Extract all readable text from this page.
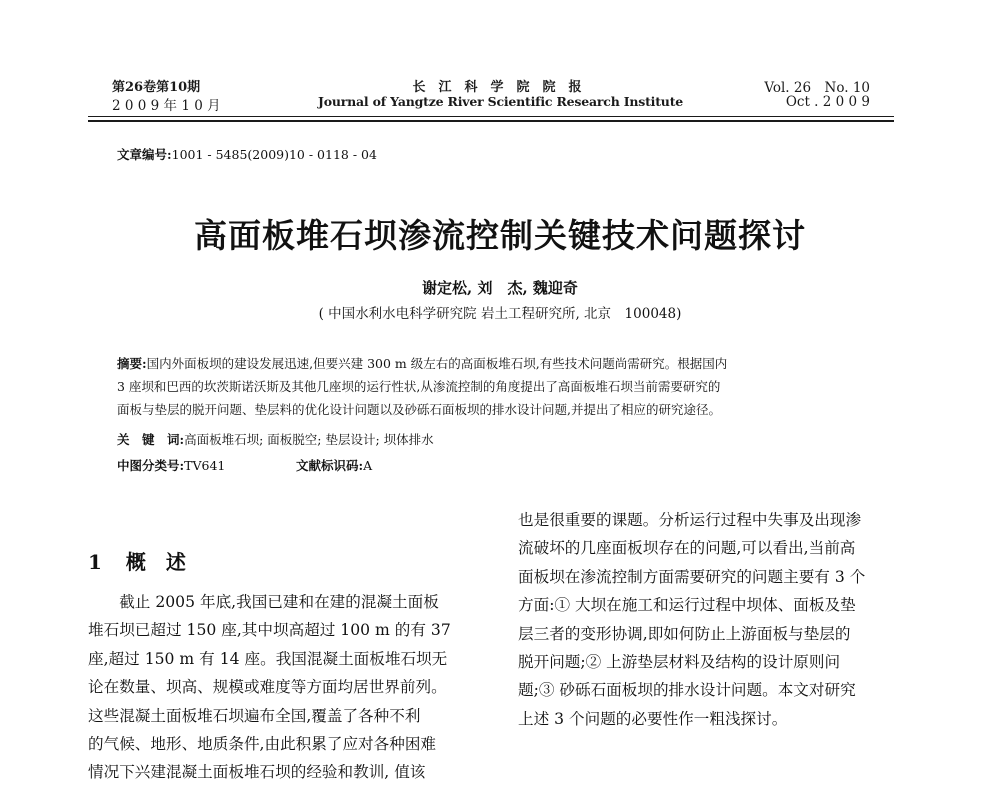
第26卷第10期
2 0 0 9 年 1 0 月
长　江　科　学　院　院　报
Journal of Yangtze River Scientific Research Institute
Vol. 26　No. 10
Oct . 2 0 0 9
文章编号:1001 - 5485(2009)10 - 0118 - 04
高面板堆石坝渗流控制关键技术问题探讨
谢定松, 刘　杰, 魏迎奇
( 中国水利水电科学研究院 岩土工程研究所, 北京　100048)
摘要:国内外面板坝的建设发展迅速,但要兴建 300 m 级左右的高面板堆石坝,有些技术问题尚需研究。根据国内
3 座坝和巴西的坎茨斯诺沃斯及其他几座坝的运行性状,从渗流控制的角度提出了高面板堆石坝当前需要研究的
面板与垫层的脱开问题、垫层料的优化设计问题以及砂砾石面板坝的排水设计问题,并提出了相应的研究途径。
关　键　词:高面板堆石坝; 面板脱空; 垫层设计; 坝体排水
中图分类号:TV641	文献标识码:A
1 概　述

截止 2005 年底,我国已建和在建的混凝土面板

堆石坝已超过 150 座,其中坝高超过 100 m 的有 37

座,超过 150 m 有 14 座。我国混凝土面板堆石坝无

论在数量、坝高、规模或难度等方面均居世界前列。

这些混凝土面板堆石坝遍布全国,覆盖了各种不利

的气候、地形、地质条件,由此积累了应对各种困难

情况下兴建混凝土面板堆石坝的经验和教训, 值该

也是很重要的课题。分析运行过程中失事及出现渗

流破坏的几座面板坝存在的问题,可以看出,当前高

面板坝在渗流控制方面需要研究的问题主要有 3 个

方面:① 大坝在施工和运行过程中坝体、面板及垫

层三者的变形协调,即如何防止上游面板与垫层的

脱开问题;② 上游垫层材料及结构的设计原则问

题;③ 砂砾石面板坝的排水设计问题。本文对研究

上述 3 个问题的必要性作一粗浅探讨。
